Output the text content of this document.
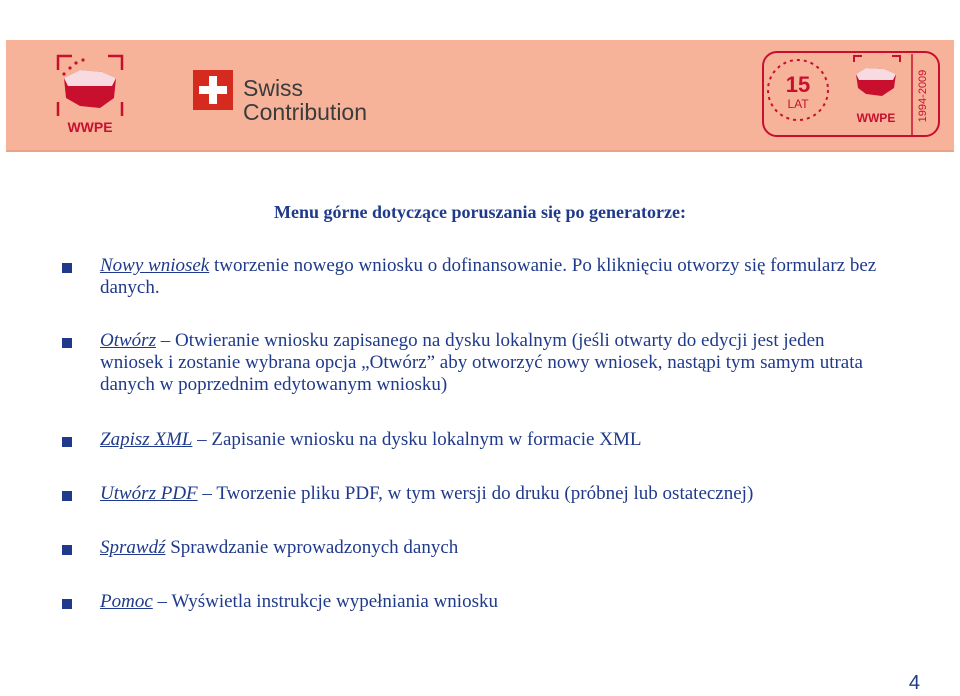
WWPE
Swiss
Contribution
15
LAT
WWPE 1994-2009
Menu górne dotyczące poruszania się po generatorze:
Nowy wniosek tworzenie nowego wniosku o dofinansowanie. Po kliknięciu otworzy się formularz bez danych.
Otwórz – Otwieranie wniosku zapisanego na dysku lokalnym (jeśli otwarty do edycji jest jeden wniosek i zostanie wybrana opcja „Otwórz” aby otworzyć nowy wniosek, nastąpi tym samym utrata danych w poprzednim edytowanym wniosku)
Zapisz XML – Zapisanie wniosku na dysku lokalnym w formacie XML
Utwórz PDF – Tworzenie pliku PDF, w tym wersji do druku (próbnej lub ostatecznej)
Sprawdź Sprawdzanie wprowadzonych danych
Pomoc – Wyświetla instrukcje wypełniania wniosku
4
